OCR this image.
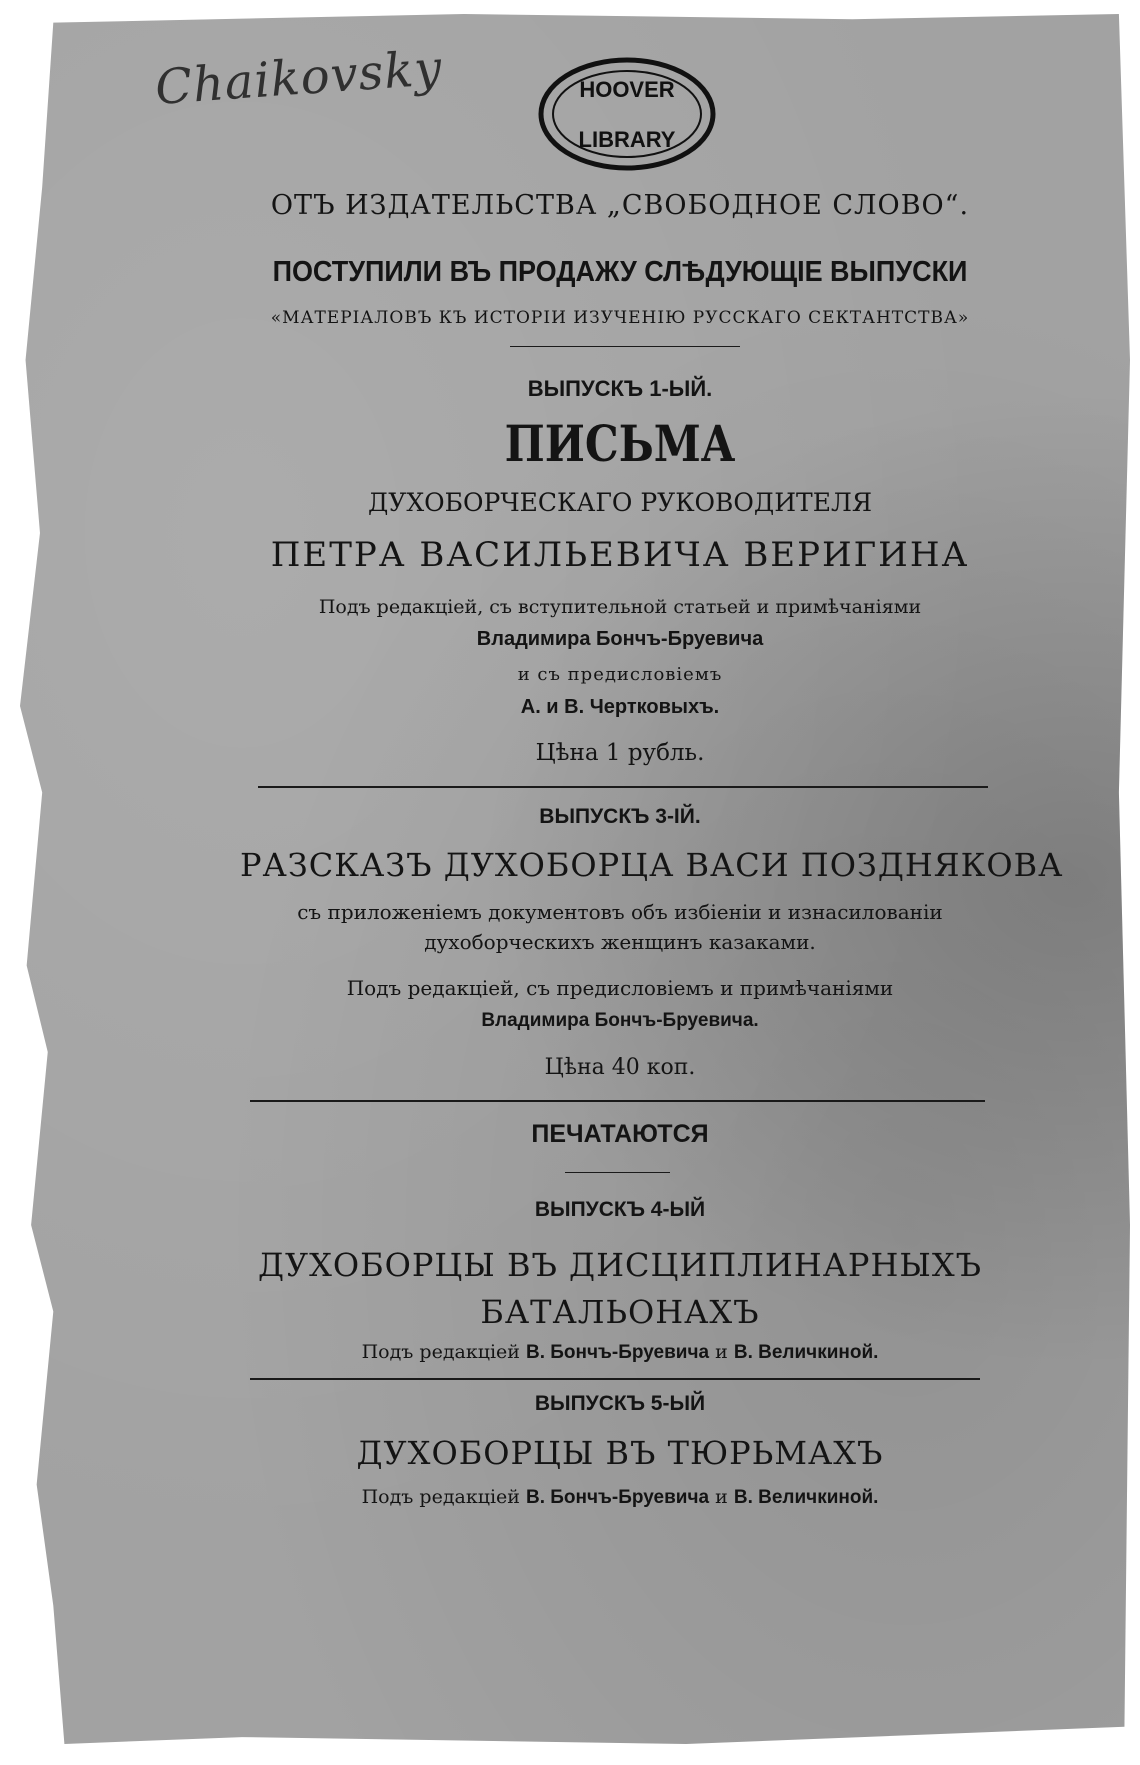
Chaikovsky	HOOVER
LIBRARY
ОТЪ ИЗДАТЕЛЬСТВА „СВОБОДНОЕ СЛОВО“.
ПОСТУПИЛИ ВЪ ПРОДАЖУ СЛѢДУЮЩІЕ ВЫПУСКИ
«МАТЕРІАЛОВЪ КЪ ИСТОРІИ ИЗУЧЕНІЮ РУССКАГО СЕКТАНТСТВА»
ВЫПУСКЪ 1-ЫЙ.
ПИСЬМА
ДУХОБОРЧЕСКАГО РУКОВОДИТЕЛЯ
ПЕТРА ВАСИЛЬЕВИЧА ВЕРИГИНА
Подъ редакціей, съ вступительной статьей и примѣчаніями
Владимира Бончъ-Бруевича
и съ предисловіемъ
А. и В. Чертковыхъ.
Цѣна 1 рубль.
ВЫПУСКЪ 3-ІЙ.
РАЗСКАЗЪ ДУХОБОРЦА ВАСИ ПОЗДНЯКОВА
съ приложеніемъ документовъ объ избіеніи и изнасилованіи
духоборческихъ женщинъ казаками.
Подъ редакціей, съ предисловіемъ и примѣчаніями
Владимира Бончъ-Бруевича.
Цѣна 40 коп.
ПЕЧАТАЮТСЯ
ВЫПУСКЪ 4-ЫЙ
ДУХОБОРЦЫ ВЪ ДИСЦИПЛИНАРНЫХЪ
БАТАЛЬОНАХЪ
Подъ редакціей В. Бончъ-Бруевича и В. Величкиной.
ВЫПУСКЪ 5-ЫЙ
ДУХОБОРЦЫ ВЪ ТЮРЬМАХЪ
Подъ редакціей В. Бончъ-Бруевича и В. Величкиной.
